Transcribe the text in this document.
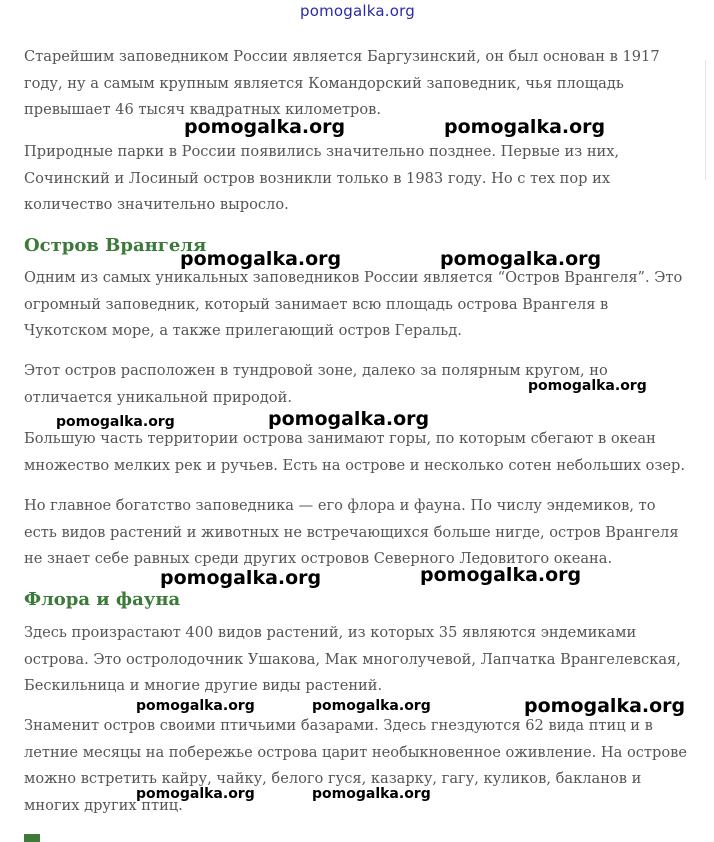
pomogalka.org

Старейшим заповедником России является Баргузинский, он был основан в 1917 году, ну а самым крупным является Командорский заповедник, чья площадь превышает 46 тысяч квадратных километров.

Природные парки в России появились значительно позднее. Первые из них, Сочинский и Лосиный остров возникли только в 1983 году. Но с тех пор их количество значительно выросло.

Остров Врангеля

Одним из самых уникальных заповедников России является “Остров Врангеля”. Это огромный заповедник, который занимает всю площадь острова Врангеля в Чукотском море, а также прилегающий остров Геральд.

Этот остров расположен в тундровой зоне, далеко за полярным кругом, но отличается уникальной природой.

Большую часть территории острова занимают горы, по которым сбегают в океан множество мелких рек и ручьев. Есть на острове и несколько сотен небольших озер.

Но главное богатство заповедника — его флора и фауна. По числу эндемиков, то есть видов растений и животных не встречающихся больше нигде, остров Врангеля не знает себе равных среди других островов Северного Ледовитого океана.

Флора и фауна

Здесь произрастают 400 видов растений, из которых 35 являются эндемиками острова. Это остролодочник Ушакова, Мак многолучевой, Лапчатка Врангелевская, Бескильница и многие другие виды растений.

Знаменит остров своими птичьими базарами. Здесь гнездуются 62 вида птиц и в летние месяцы на побережье острова царит необыкновенное оживление. На острове можно встретить кайру, чайку, белого гуся, казарку, гагу, куликов, бакланов и многих других птиц.

pomogalka.org	pomogalka.org
pomogalka.org	pomogalka.org
pomogalka.org
pomogalka.org
pomogalka.org
pomogalka.org	pomogalka.org
pomogalka.org	pomogalka.org	pomogalka.org
pomogalka.org	pomogalka.org
